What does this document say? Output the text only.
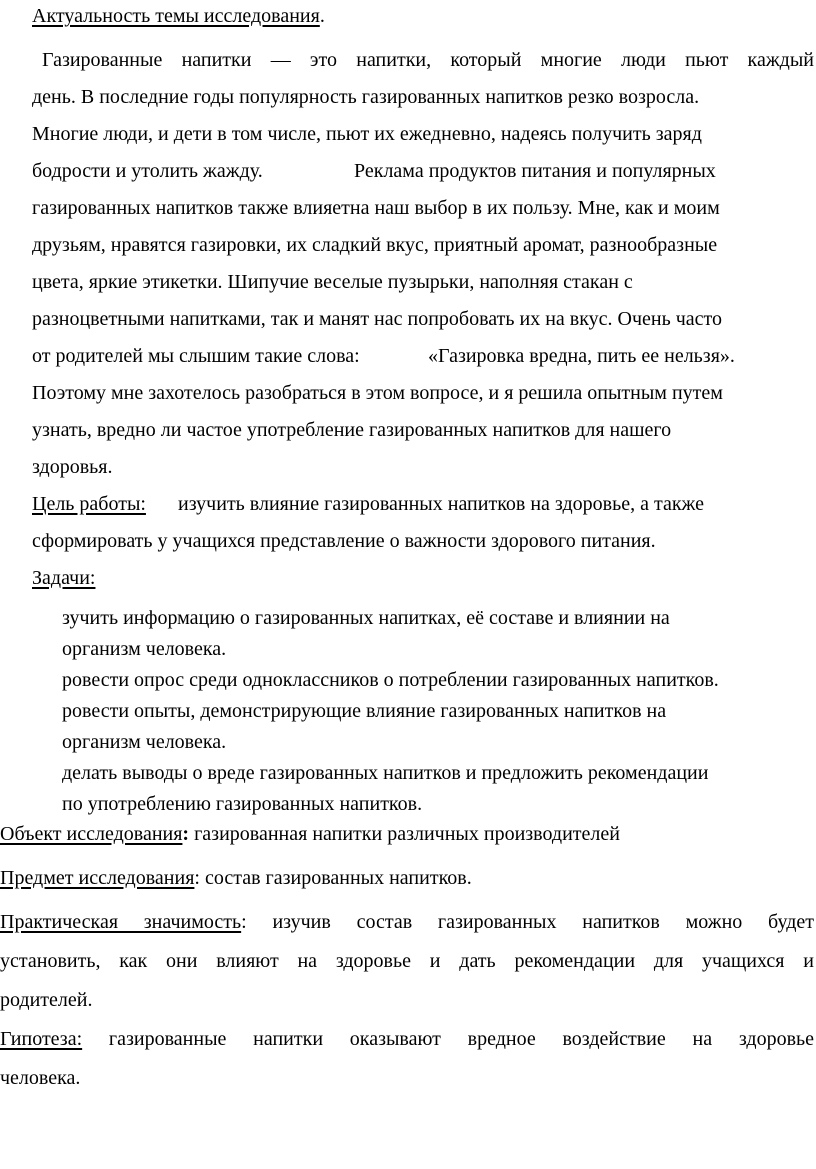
Актуальность темы исследования.
Газированные напитки — это напитки, который многие люди пьют каждый
день. В последние годы популярность газированных напитков резко возросла.
Многие люди, и дети в том числе, пьют их ежедневно, надеясь получить заряд
бодрости и утолить жажду.	Реклама продуктов питания и популярных
газированных напитков также влияетна наш выбор в их пользу. Мне, как и моим
друзьям, нравятся газировки, их сладкий вкус, приятный аромат, разнообразные
цвета, яркие этикетки. Шипучие веселые пузырьки, наполняя стакан с
разноцветными напитками, так и манят нас попробовать их на вкус. Очень часто
от родителей мы слышим такие слова:	«Газировка вредна, пить ее нельзя».
Поэтому мне захотелось разобраться в этом вопросе, и я решила опытным путем
узнать, вредно ли частое употребление газированных напитков для нашего
здоровья.
Цель работы: изучить влияние газированных напитков на здоровье, а также
сформировать у учащихся представление о важности здорового питания.
Задачи:
зучить информацию о газированных напитках, её составе и влиянии на
организм человека.
ровести опрос среди одноклассников о потреблении газированных напитков.
ровести опыты, демонстрирующие влияние газированных напитков на
организм человека.
делать выводы о вреде газированных напитков и предложить рекомендации
по употреблению газированных напитков.
Объект исследования: газированная напитки различных производителей
Предмет исследования: состав газированных напитков.
Практическая значимость: изучив состав газированных напитков можно будет
установить, как они влияют на здоровье и дать рекомендации для учащихся и
родителей.
Гипотеза: газированные напитки оказывают вредное воздействие на здоровье
человека.
